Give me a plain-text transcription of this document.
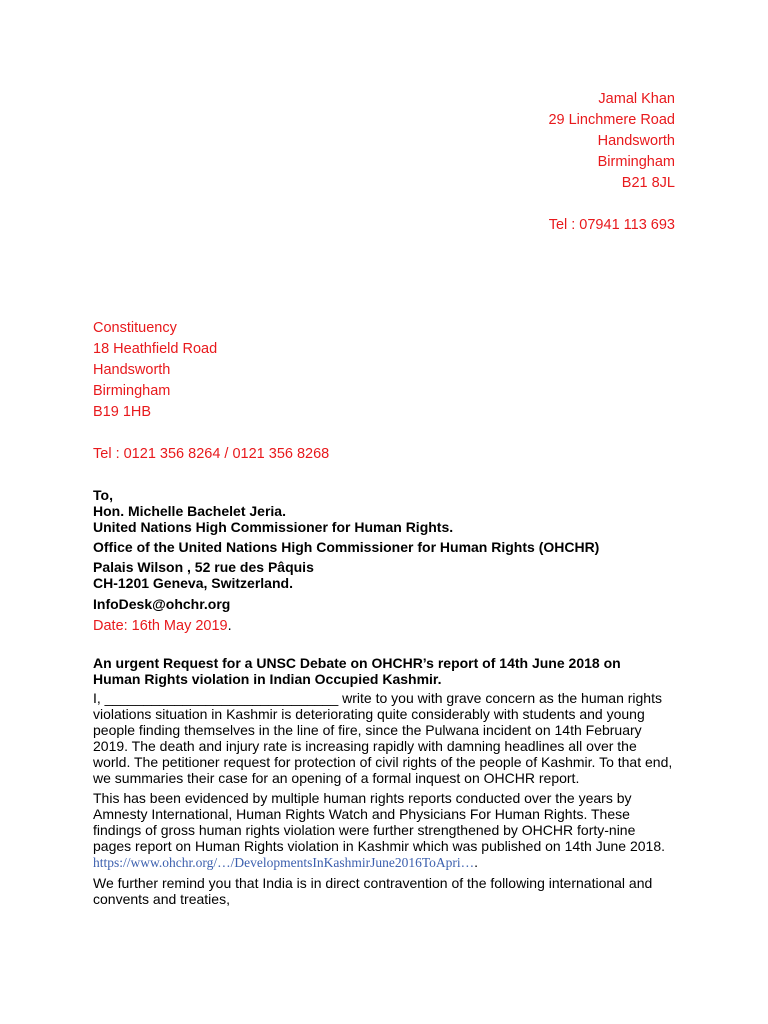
Jamal Khan
29 Linchmere Road
Handsworth
Birmingham
B21 8JL
Tel : 07941 113 693
Constituency
18 Heathfield Road
Handsworth
Birmingham
B19 1HB
Tel : 0121 356 8264 / 0121 356 8268
To,
Hon. Michelle Bachelet Jeria.
United Nations High Commissioner for Human Rights.
Office of the United Nations High Commissioner for Human Rights (OHCHR)
Palais Wilson , 52 rue des Pâquis
CH-1201 Geneva, Switzerland.
InfoDesk@ohchr.org
Date: 16th May 2019.
An urgent Request for a UNSC Debate on OHCHR’s report of 14th June 2018 on
Human Rights violation in Indian Occupied Kashmir.

I, ______________________________ write to you with grave concern as the human rights violations situation in Kashmir is deteriorating quite considerably with students and young people finding themselves in the line of fire, since the Pulwana incident on 14th February 2019. The death and injury rate is increasing rapidly with damning headlines all over the world. The petitioner request for protection of civil rights of the people of Kashmir. To that end, we summaries their case for an opening of a formal inquest on OHCHR report.

This has been evidenced by multiple human rights reports conducted over the years by Amnesty International, Human Rights Watch and Physicians For Human Rights. These findings of gross human rights violation were further strengthened by OHCHR forty-nine pages report on Human Rights violation in Kashmir which was published on 14th June 2018. https://www.ohchr.org/…/DevelopmentsInKashmirJune2016ToApri….

We further remind you that India is in direct contravention of the following international and convents and treaties,
